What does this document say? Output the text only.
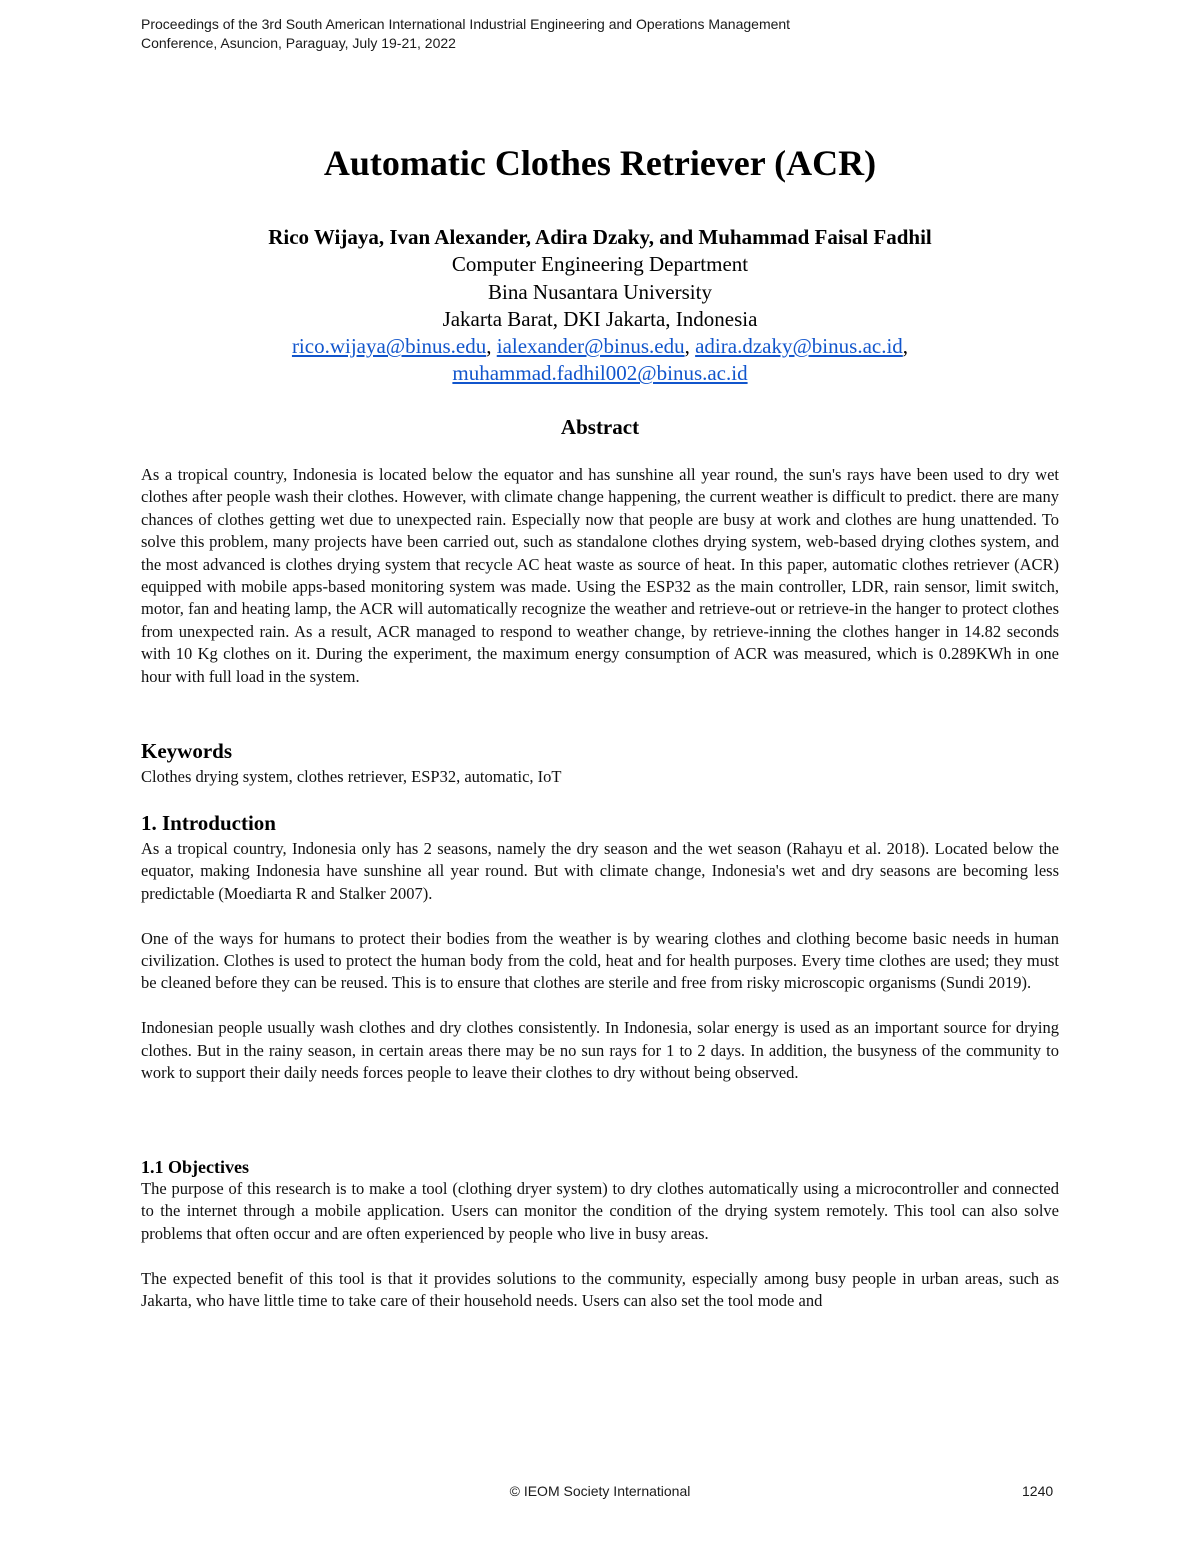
Proceedings of the 3rd South American International Industrial Engineering and Operations Management
Conference, Asuncion, Paraguay, July 19-21, 2022
Automatic Clothes Retriever (ACR)
Rico Wijaya, Ivan Alexander, Adira Dzaky, and Muhammad Faisal Fadhil
Computer Engineering Department
Bina Nusantara University
Jakarta Barat, DKI Jakarta, Indonesia
rico.wijaya@binus.edu, ialexander@binus.edu, adira.dzaky@binus.ac.id,
muhammad.fadhil002@binus.ac.id
Abstract

As a tropical country, Indonesia is located below the equator and has sunshine all year round, the sun's rays have been used to dry wet clothes after people wash their clothes. However, with climate change happening, the current weather is difficult to predict. there are many chances of clothes getting wet due to unexpected rain. Especially now that people are busy at work and clothes are hung unattended. To solve this problem, many projects have been carried out, such as standalone clothes drying system, web-based drying clothes system, and the most advanced is clothes drying system that recycle AC heat waste as source of heat. In this paper, automatic clothes retriever (ACR) equipped with mobile apps-based monitoring system was made. Using the ESP32 as the main controller, LDR, rain sensor, limit switch, motor, fan and heating lamp, the ACR will automatically recognize the weather and retrieve-out or retrieve-in the hanger to protect clothes from unexpected rain. As a result, ACR managed to respond to weather change, by retrieve-inning the clothes hanger in 14.82 seconds with 10 Kg clothes on it. During the experiment, the maximum energy consumption of ACR was measured, which is 0.289KWh in one hour with full load in the system.

Keywords

Clothes drying system, clothes retriever, ESP32, automatic, IoT

1. Introduction

As a tropical country, Indonesia only has 2 seasons, namely the dry season and the wet season (Rahayu et al. 2018). Located below the equator, making Indonesia have sunshine all year round. But with climate change, Indonesia's wet and dry seasons are becoming less predictable (Moediarta R and Stalker 2007).

One of the ways for humans to protect their bodies from the weather is by wearing clothes and clothing become basic needs in human civilization. Clothes is used to protect the human body from the cold, heat and for health purposes. Every time clothes are used; they must be cleaned before they can be reused. This is to ensure that clothes are sterile and free from risky microscopic organisms (Sundi 2019).

Indonesian people usually wash clothes and dry clothes consistently. In Indonesia, solar energy is used as an important source for drying clothes. But in the rainy season, in certain areas there may be no sun rays for 1 to 2 days. In addition, the busyness of the community to work to support their daily needs forces people to leave their clothes to dry without being observed.

1.1 Objectives

The purpose of this research is to make a tool (clothing dryer system) to dry clothes automatically using a microcontroller and connected to the internet through a mobile application. Users can monitor the condition of the drying system remotely. This tool can also solve problems that often occur and are often experienced by people who live in busy areas.

The expected benefit of this tool is that it provides solutions to the community, especially among busy people in urban areas, such as Jakarta, who have little time to take care of their household needs. Users can also set the tool mode and

© IEOM Society International	1240
